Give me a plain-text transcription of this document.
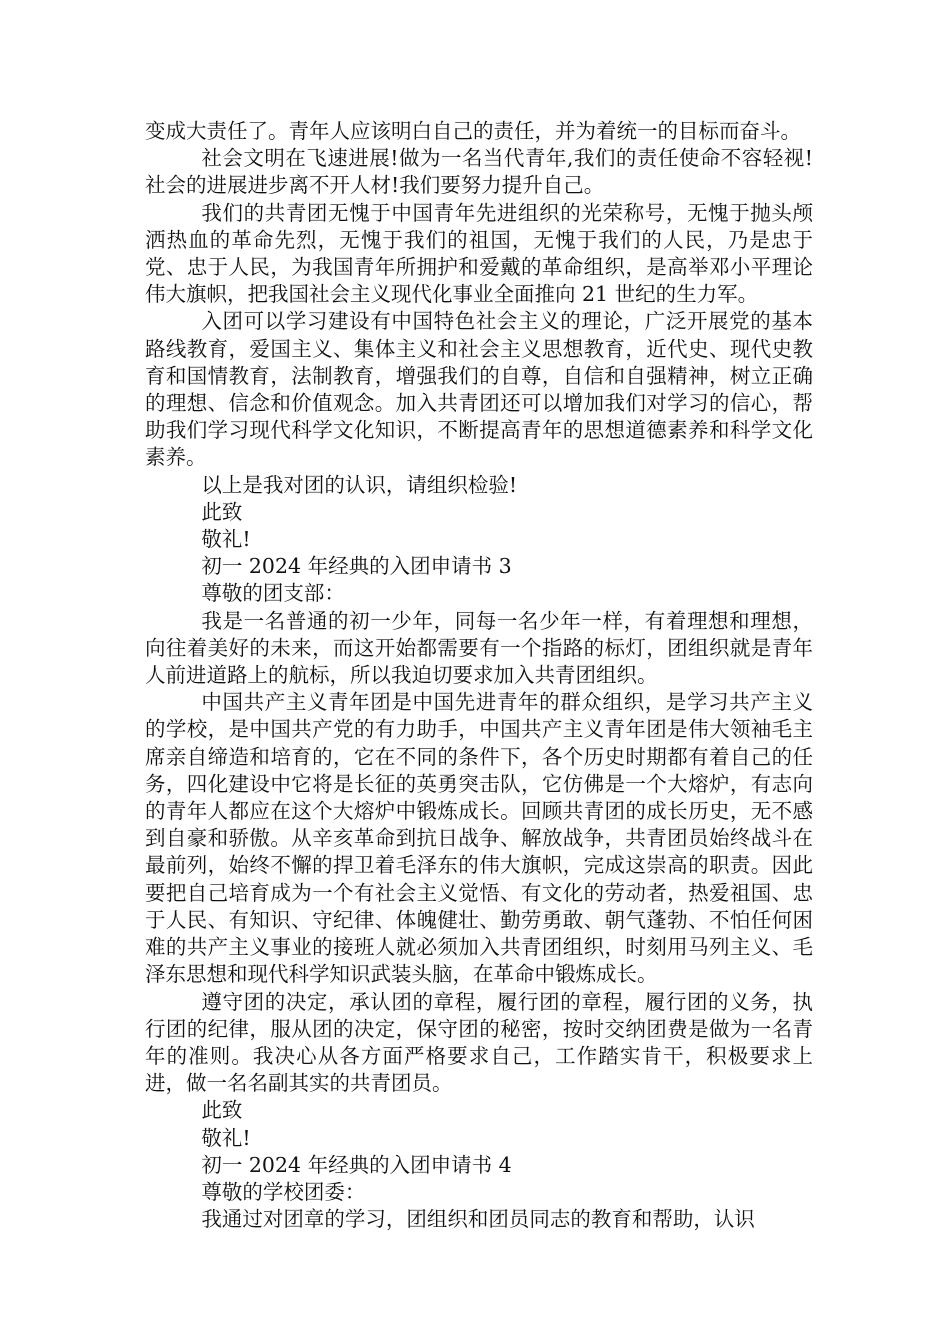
变成大责任了。青年人应该明白自己的责任，并为着统一的目标而奋斗。

社会文明在飞速进展!做为一名当代青年,我们的责任使命不容轻视!社会的进展进步离不开人材!我们要努力提升自己。

我们的共青团无愧于中国青年先进组织的光荣称号，无愧于抛头颅洒热血的革命先烈，无愧于我们的祖国，无愧于我们的人民，乃是忠于党、忠于人民，为我国青年所拥护和爱戴的革命组织，是高举邓小平理论伟大旗帜，把我国社会主义现代化事业全面推向 21 世纪的生力军。

入团可以学习建设有中国特色社会主义的理论，广泛开展党的基本路线教育，爱国主义、集体主义和社会主义思想教育，近代史、现代史教育和国情教育，法制教育，增强我们的自尊，自信和自强精神，树立正确的理想、信念和价值观念。加入共青团还可以增加我们对学习的信心，帮助我们学习现代科学文化知识，不断提高青年的思想道德素养和科学文化素养。

以上是我对团的认识，请组织检验!

此致

敬礼!

初一 2024 年经典的入团申请书 3

尊敬的团支部：

我是一名普通的初一少年，同每一名少年一样，有着理想和理想，向往着美好的未来，而这开始都需要有一个指路的标灯，团组织就是青年人前进道路上的航标，所以我迫切要求加入共青团组织。

中国共产主义青年团是中国先进青年的群众组织，是学习共产主义的学校，是中国共产党的有力助手，中国共产主义青年团是伟大领袖毛主席亲自缔造和培育的，它在不同的条件下，各个历史时期都有着自己的任务，四化建设中它将是长征的英勇突击队，它仿佛是一个大熔炉，有志向的青年人都应在这个大熔炉中锻炼成长。回顾共青团的成长历史，无不感到自豪和骄傲。从辛亥革命到抗日战争、解放战争，共青团员始终战斗在最前列，始终不懈的捍卫着毛泽东的伟大旗帜，完成这崇高的职责。因此要把自己培育成为一个有社会主义觉悟、有文化的劳动者，热爱祖国、忠于人民、有知识、守纪律、体魄健壮、勤劳勇敢、朝气蓬勃、不怕任何困难的共产主义事业的接班人就必须加入共青团组织，时刻用马列主义、毛泽东思想和现代科学知识武装头脑，在革命中锻炼成长。

遵守团的决定，承认团的章程，履行团的章程，履行团的义务，执行团的纪律，服从团的决定，保守团的秘密，按时交纳团费是做为一名青年的准则。我决心从各方面严格要求自己，工作踏实肯干，积极要求上进，做一名名副其实的共青团员。

此致

敬礼!

初一 2024 年经典的入团申请书 4

尊敬的学校团委：

我通过对团章的学习，团组织和团员同志的教育和帮助，认识
